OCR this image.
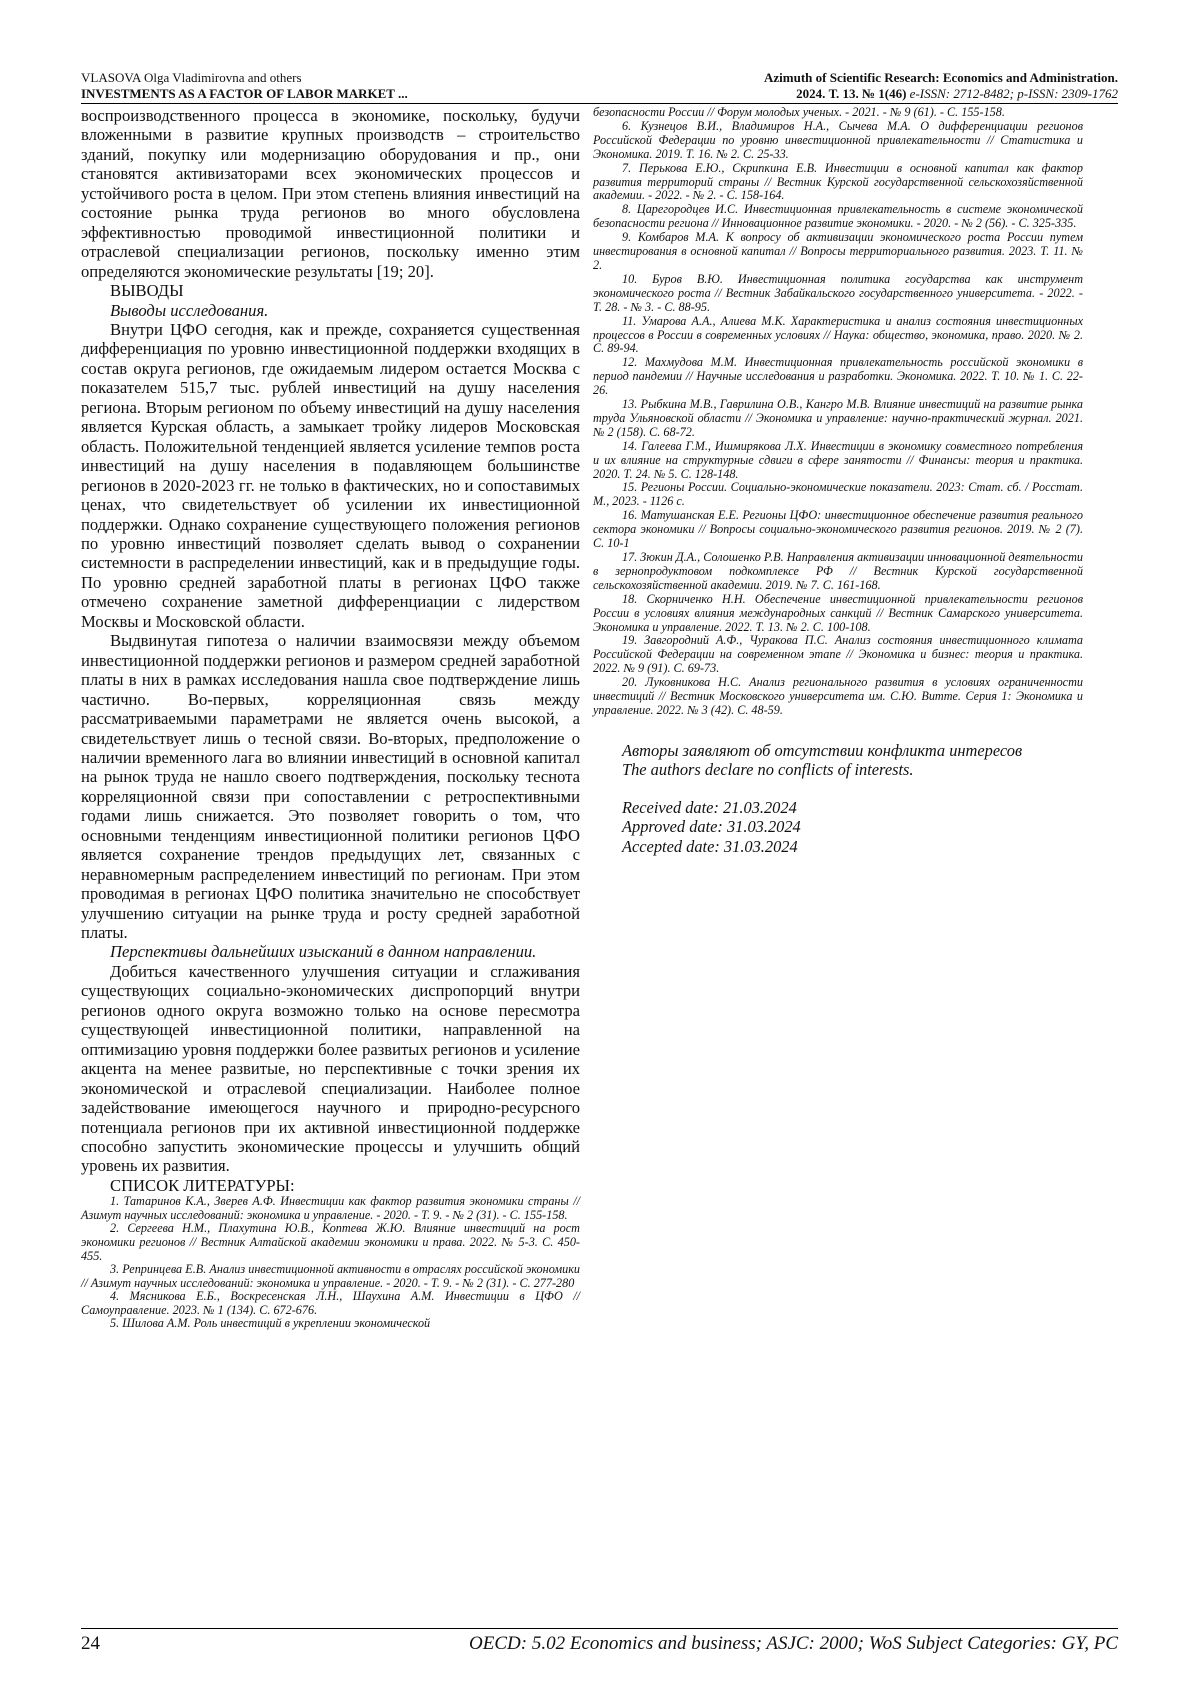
VLASOVA Olga Vladimirovna and others
INVESTMENTS AS A FACTOR OF LABOR MARKET ...
Azimuth of Scientific Research: Economics and Administration.
2024. Т. 13. № 1(46) e-ISSN: 2712-8482; p-ISSN: 2309-1762

воспроизводственного процесса в экономике, поскольку, будучи вложенными в развитие крупных производств – строительство зданий, покупку или модернизацию оборудования и пр., они становятся активизаторами всех экономических процессов и устойчивого роста в целом. При этом степень влияния инвестиций на состояние рынка труда регионов во много обусловлена эффективностью проводимой инвестиционной политики и отраслевой специализации регионов, поскольку именно этим определяются экономические результаты [19; 20].

ВЫВОДЫ

Выводы исследования.

Внутри ЦФО сегодня, как и прежде, сохраняется существенная дифференциация по уровню инвестиционной поддержки входящих в состав округа регионов, где ожидаемым лидером остается Москва с показателем 515,7 тыс. рублей инвестиций на душу населения региона. Вторым регионом по объему инвестиций на душу населения является Курская область, а замыкает тройку лидеров Московская область. Положительной тенденцией является усиление темпов роста инвестиций на душу населения в подавляющем большинстве регионов в 2020-2023 гг. не только в фактических, но и сопоставимых ценах, что свидетельствует об усилении их инвестиционной поддержки. Однако сохранение существующего положения регионов по уровню инвестиций позволяет сделать вывод о сохранении системности в распределении инвестиций, как и в предыдущие годы. По уровню средней заработной платы в регионах ЦФО также отмечено сохранение заметной дифференциации с лидерством Москвы и Московской области.

Выдвинутая гипотеза о наличии взаимосвязи между объемом инвестиционной поддержки регионов и размером средней заработной платы в них в рамках исследования нашла свое подтверждение лишь частично. Во-первых, корреляционная связь между рассматриваемыми параметрами не является очень высокой, а свидетельствует лишь о тесной связи. Во-вторых, предположение о наличии временного лага во влиянии инвестиций в основной капитал на рынок труда не нашло своего подтверждения, поскольку теснота корреляционной связи при сопоставлении с ретроспективными годами лишь снижается. Это позволяет говорить о том, что основными тенденциям инвестиционной политики регионов ЦФО является сохранение трендов предыдущих лет, связанных с неравномерным распределением инвестиций по регионам. При этом проводимая в регионах ЦФО политика значительно не способствует улучшению ситуации на рынке труда и росту средней заработной платы.

Перспективы дальнейших изысканий в данном направлении.

Добиться качественного улучшения ситуации и сглаживания существующих социально-экономических диспропорций внутри регионов одного округа возможно только на основе пересмотра существующей инвестиционной политики, направленной на оптимизацию уровня поддержки более развитых регионов и усиление акцента на менее развитые, но перспективные с точки зрения их экономической и отраслевой специализации. Наиболее полное задействование имеющегося научного и природно-ресурсного потенциала регионов при их активной инвестиционной поддержке способно запустить экономические процессы и улучшить общий уровень их развития.

СПИСОК ЛИТЕРАТУРЫ:

1. Татаринов К.А., Зверев А.Ф. Инвестиции как фактор развития экономики страны // Азимут научных исследований: экономика и управление. - 2020. - Т. 9. - № 2 (31). - С. 155-158.

2. Сергеева Н.М., Плахутина Ю.В., Коптева Ж.Ю. Влияние инвестиций на рост экономики регионов // Вестник Алтайской академии экономики и права. 2022. № 5-3. С. 450-455.

3. Репринцева Е.В. Анализ инвестиционной активности в отраслях российской экономики // Азимут научных исследований: экономика и управление. - 2020. - Т. 9. - № 2 (31). - С. 277-280

4. Мясникова Е.Б., Воскресенская Л.Н., Шаухина А.М. Инвестиции в ЦФО // Самоуправление. 2023. № 1 (134). С. 672-676.

5. Шилова А.М. Роль инвестиций в укреплении экономической

безопасности России // Форум молодых ученых. - 2021. - № 9 (61). - С. 155-158.

6. Кузнецов В.И., Владимиров Н.А., Сычева М.А. О дифференциации регионов Российской Федерации по уровню инвестиционной привлекательности // Статистика и Экономика. 2019. Т. 16. № 2. С. 25-33.

7. Перькова Е.Ю., Скрипкина Е.В. Инвестиции в основной капитал как фактор развития территорий страны // Вестник Курской государственной сельскохозяйственной академии. - 2022. - № 2. - С. 158-164.

8. Царегородцев И.С. Инвестиционная привлекательность в системе экономической безопасности региона // Инновационное развитие экономики. - 2020. - № 2 (56). - С. 325-335.

9. Комбаров М.А. К вопросу об активизации экономического роста России путем инвестирования в основной капитал // Вопросы территориального развития. 2023. Т. 11. № 2.

10. Буров В.Ю. Инвестиционная политика государства как инструмент экономического роста // Вестник Забайкальского государственного университета. - 2022. - Т. 28. - № 3. - С. 88-95.

11. Умарова А.А., Алиева М.К. Характеристика и анализ состояния инвестиционных процессов в России в современных условиях // Наука: общество, экономика, право. 2020. № 2. С. 89-94.

12. Махмудова М.М. Инвестиционная привлекательность российской экономики в период пандемии // Научные исследования и разработки. Экономика. 2022. Т. 10. № 1. С. 22-26.

13. Рыбкина М.В., Гаврилина О.В., Кангро М.В. Влияние инвестиций на развитие рынка труда Ульяновской области // Экономика и управление: научно-практический журнал. 2021. № 2 (158). С. 68-72.

14. Галеева Г.М., Ишмирякова Л.Х. Инвестиции в экономику совместного потребления и их влияние на структурные сдвиги в сфере занятости // Финансы: теория и практика. 2020. Т. 24. № 5. С. 128-148.

15. Регионы России. Социально-экономические показатели. 2023: Стат. сб. / Росстат. М., 2023. - 1126 с.

16. Матушанская Е.Е. Регионы ЦФО: инвестиционное обеспечение развития реального сектора экономики // Вопросы социально-экономического развития регионов. 2019. № 2 (7). С. 10-1

17. Зюкин Д.А., Солошенко Р.В. Направления активизации инновационной деятельности в зернопродуктовом подкомплексе РФ // Вестник Курской государственной сельскохозяйственной академии. 2019. № 7. С. 161-168.

18. Скорниченко Н.Н. Обеспечение инвестиционной привлекательности регионов России в условиях влияния международных санкций // Вестник Самарского университета. Экономика и управление. 2022. Т. 13. № 2. С. 100-108.

19. Завгородний А.Ф., Чуракова П.С. Анализ состояния инвестиционного климата Российской Федерации на современном этапе // Экономика и бизнес: теория и практика. 2022. № 9 (91). С. 69-73.

20. Луковникова Н.С. Анализ регионального развития в условиях ограниченности инвестиций // Вестник Московского университета им. С.Ю. Витте. Серия 1: Экономика и управление. 2022. № 3 (42). С. 48-59.

Авторы заявляют об отсутствии конфликта интересов

The authors declare no conflicts of interests.

Received date: 21.03.2024

Approved date: 31.03.2024

Accepted date: 31.03.2024

24	OECD: 5.02 Economics and business; ASJC: 2000; WoS Subject Categories: GY, PC
